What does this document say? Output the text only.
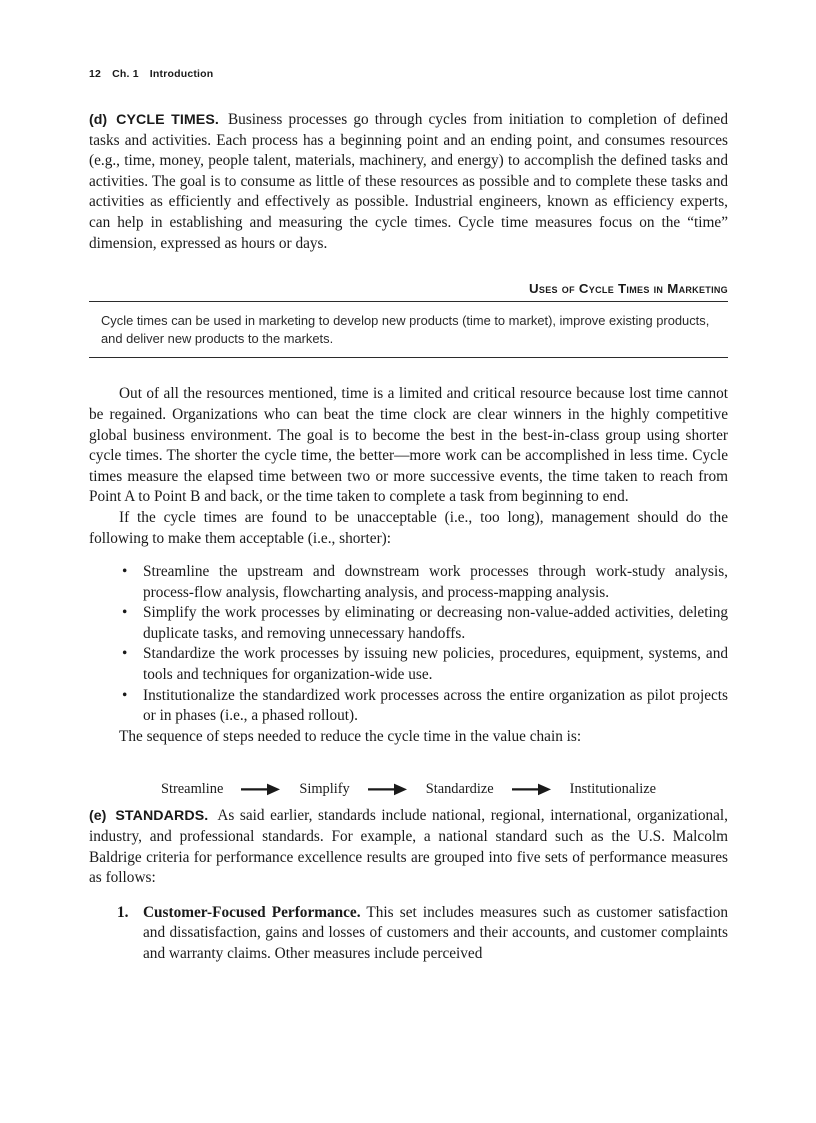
12 Ch. 1 Introduction

(d) CYCLE TIMES. Business processes go through cycles from initiation to completion of defined tasks and activities. Each process has a beginning point and an ending point, and consumes resources (e.g., time, money, people talent, materials, machinery, and energy) to accomplish the defined tasks and activities. The goal is to consume as little of these resources as possible and to complete these tasks and activities as efficiently and effectively as possible. Industrial engineers, known as efficiency experts, can help in establishing and measuring the cycle times. Cycle time measures focus on the “time” dimension, expressed as hours or days.

Uses of Cycle Times in Marketing
Cycle times can be used in marketing to develop new products (time to market), improve existing products, and deliver new products to the markets.

Out of all the resources mentioned, time is a limited and critical resource because lost time cannot be regained. Organizations who can beat the time clock are clear winners in the highly competitive global business environment. The goal is to become the best in the best-in-class group using shorter cycle times. The shorter the cycle time, the better—more work can be accomplished in less time. Cycle times measure the elapsed time between two or more successive events, the time taken to reach from Point A to Point B and back, or the time taken to complete a task from beginning to end.

If the cycle times are found to be unacceptable (i.e., too long), management should do the following to make them acceptable (i.e., shorter):

• Streamline the upstream and downstream work processes through work-study analysis, process-flow analysis, flowcharting analysis, and process-mapping analysis.
• Simplify the work processes by eliminating or decreasing non-value-added activities, deleting duplicate tasks, and removing unnecessary handoffs.
• Standardize the work processes by issuing new policies, procedures, equipment, systems, and tools and techniques for organization-wide use.
• Institutionalize the standardized work processes across the entire organization as pilot projects or in phases (i.e., a phased rollout).

The sequence of steps needed to reduce the cycle time in the value chain is:

Streamline	Simplify	Standardize	Institutionalize

(e) STANDARDS. As said earlier, standards include national, regional, international, organizational, industry, and professional standards. For example, a national standard such as the U.S. Malcolm Baldrige criteria for performance excellence results are grouped into five sets of performance measures as follows:

1. Customer-Focused Performance. This set includes measures such as customer satisfaction and dissatisfaction, gains and losses of customers and their accounts, and customer complaints and warranty claims. Other measures include perceived
